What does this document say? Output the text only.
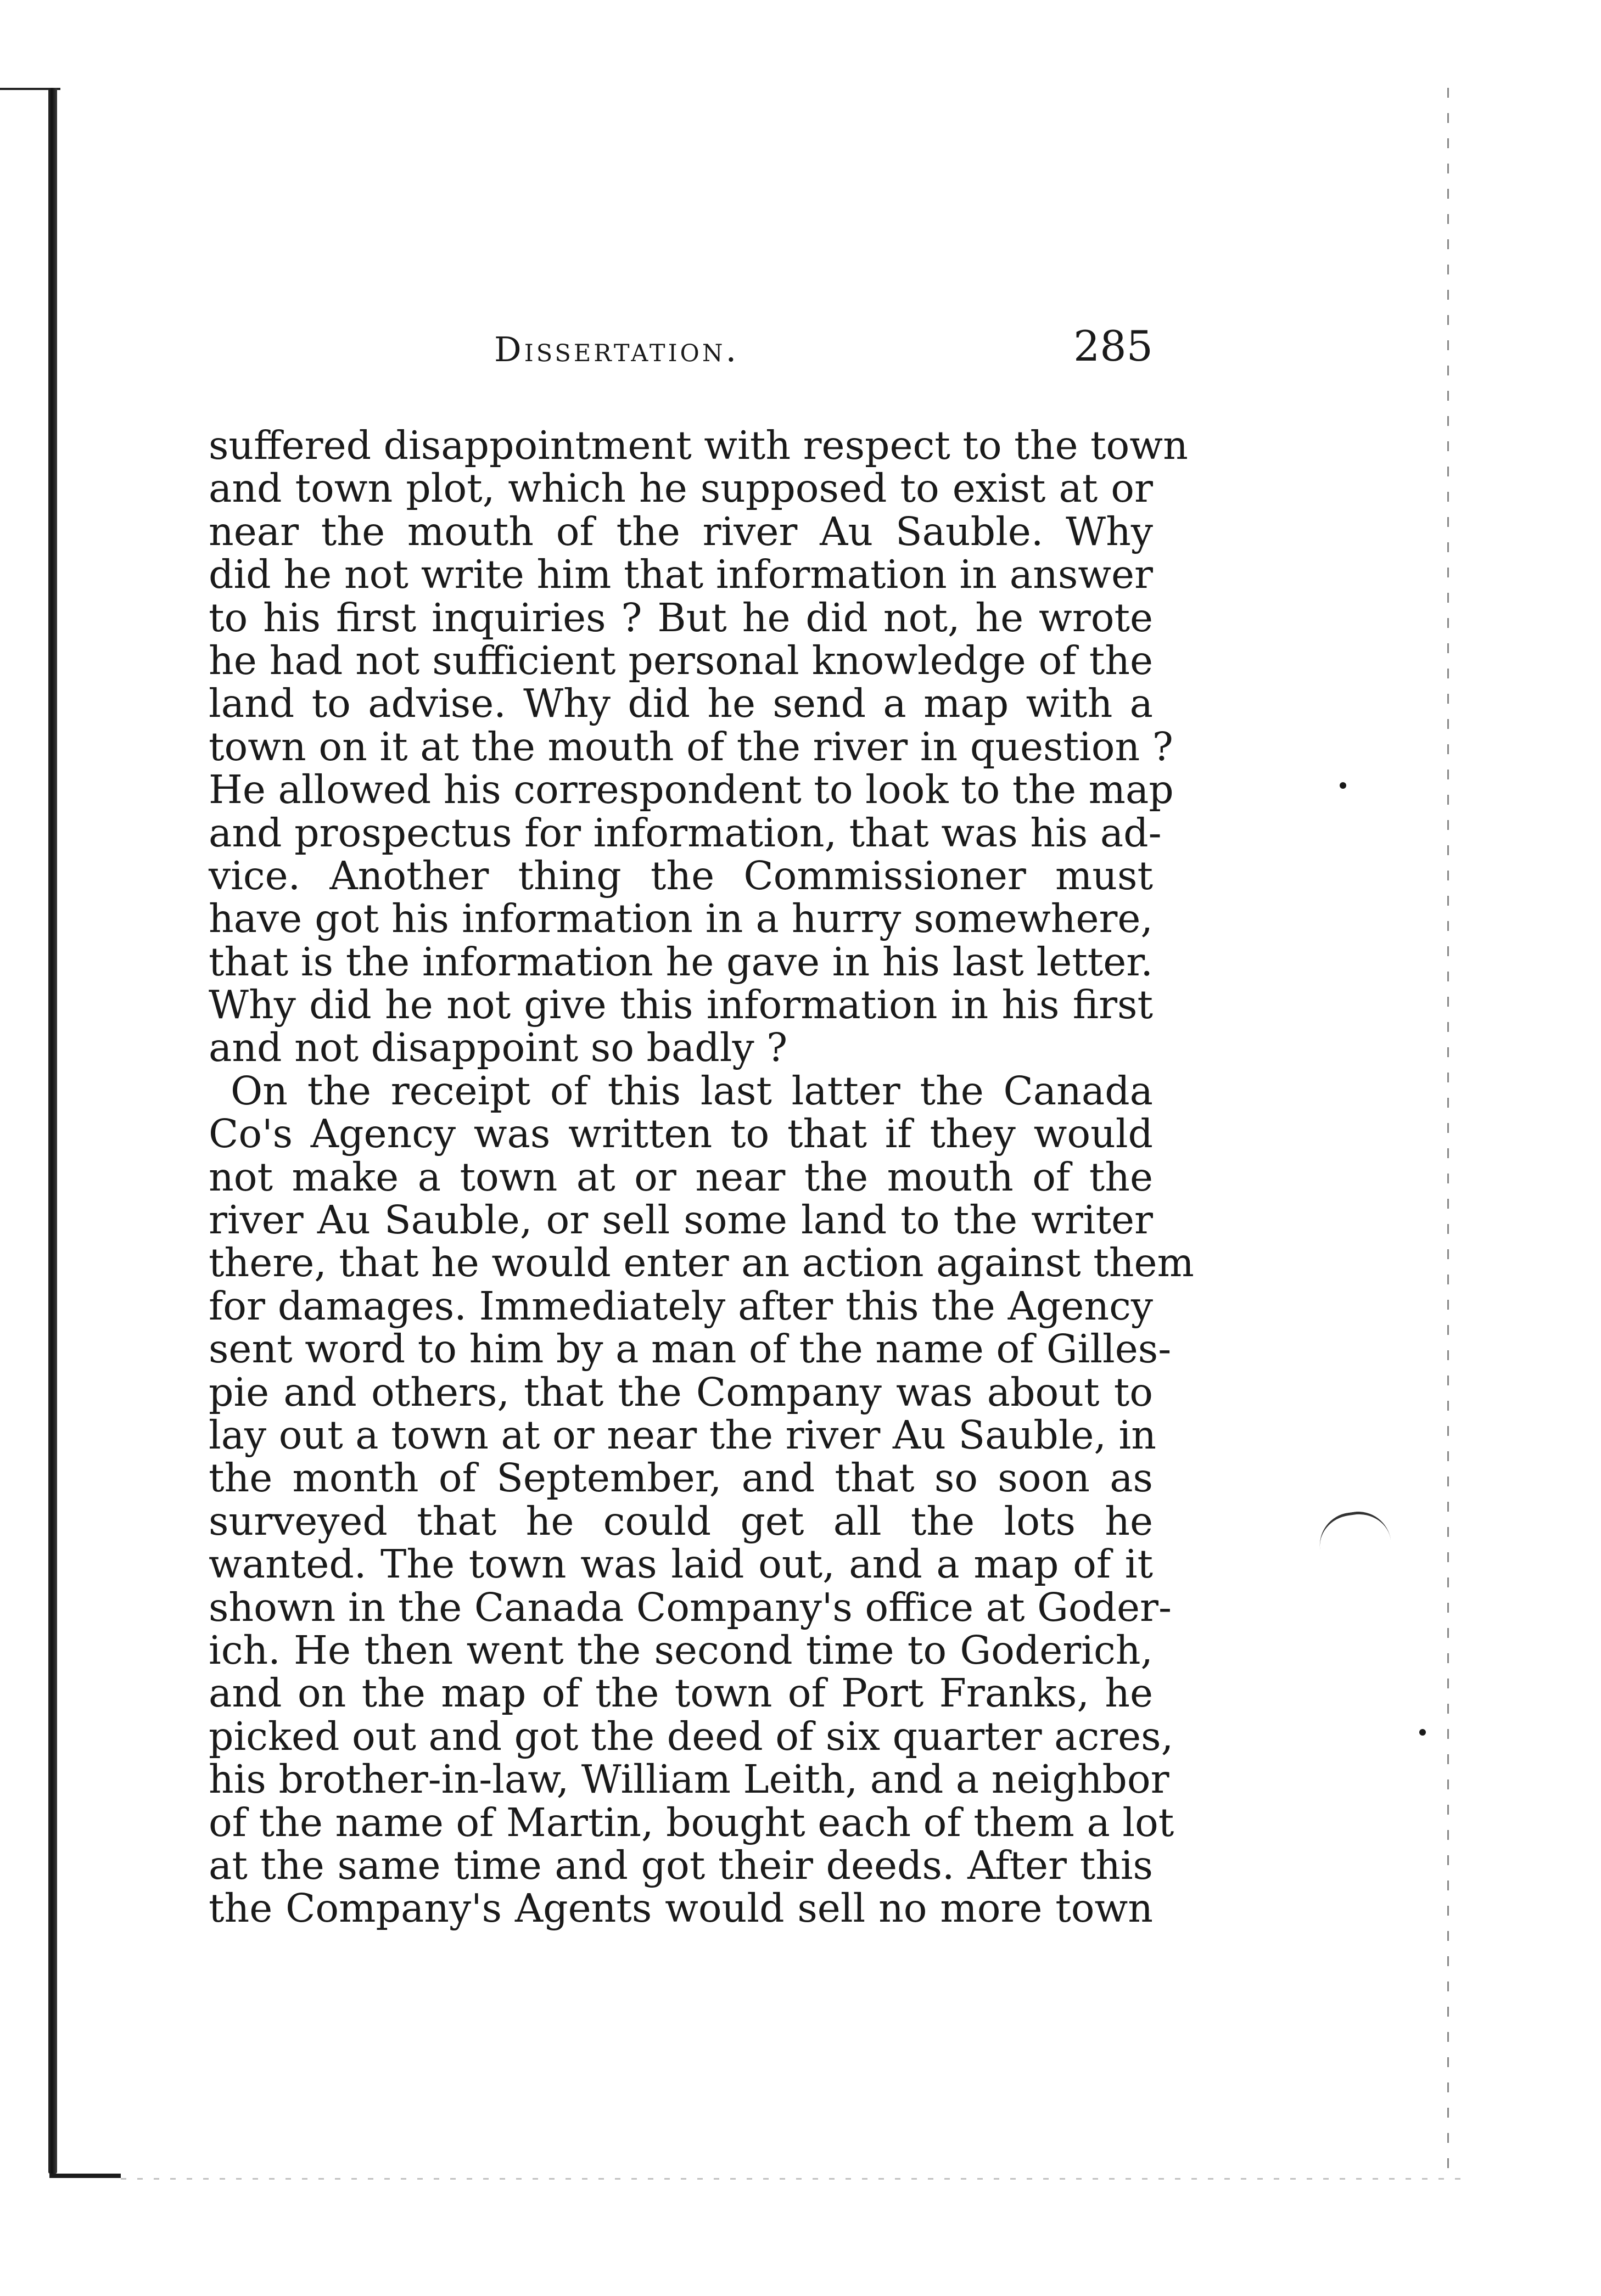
Dissertation.	285
suffered disappointment with respect to the town
and town plot, which he supposed to exist at or
near the mouth of the river Au Sauble. Why
did he not write him that information in answer
to his first inquiries ? But he did not, he wrote
he had not sufficient personal knowledge of the
land to advise. Why did he send a map with a
town on it at the mouth of the river in question ?
He allowed his correspondent to look to the map
and prospectus for information, that was his ad-
vice. Another thing the Commissioner must
have got his information in a hurry somewhere,
that is the information he gave in his last letter.
Why did he not give this information in his first
and not disappoint so badly ?
On the receipt of this last latter the Canada
Co's Agency was written to that if they would
not make a town at or near the mouth of the
river Au Sauble, or sell some land to the writer
there, that he would enter an action against them
for damages. Immediately after this the Agency
sent word to him by a man of the name of Gilles-
pie and others, that the Company was about to
lay out a town at or near the river Au Sauble, in
the month of September, and that so soon as
surveyed that he could get all the lots he
wanted. The town was laid out, and a map of it
shown in the Canada Company's office at Goder-
ich. He then went the second time to Goderich,
and on the map of the town of Port Franks, he
picked out and got the deed of six quarter acres,
his brother-in-law, William Leith, and a neighbor
of the name of Martin, bought each of them a lot
at the same time and got their deeds. After this
the Company's Agents would sell no more town
